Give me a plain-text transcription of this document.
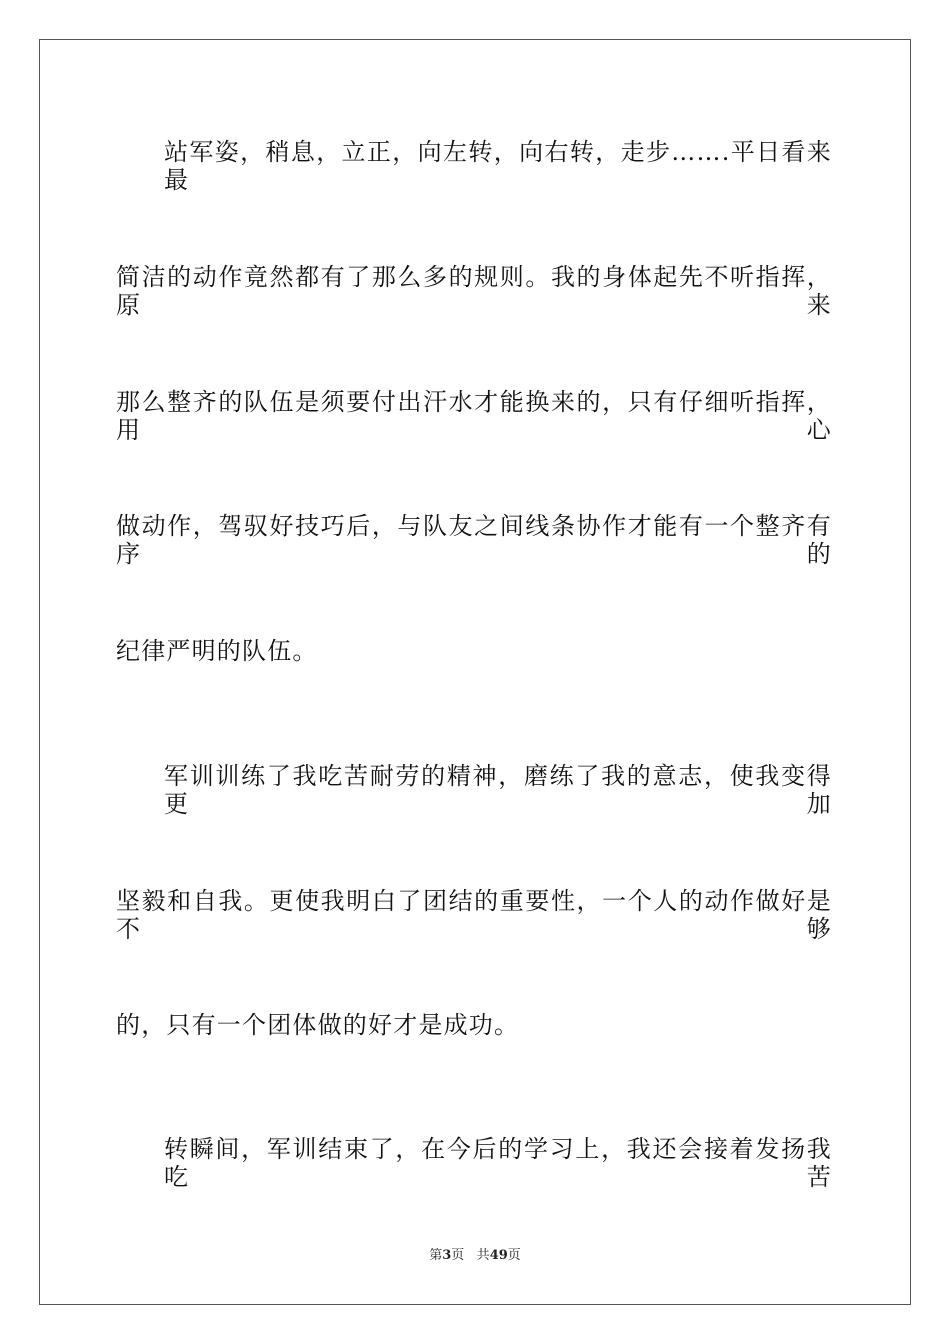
站军姿，稍息，立正，向左转，向右转，走步…….平日看来最
简洁的动作竟然都有了那么多的规则。我的身体起先不听指挥，原来
那么整齐的队伍是须要付出汗水才能换来的，只有仔细听指挥，用心
做动作，驾驭好技巧后，与队友之间线条协作才能有一个整齐有序的
纪律严明的队伍。
军训训练了我吃苦耐劳的精神，磨练了我的意志，使我变得更加
坚毅和自我。更使我明白了团结的重要性，一个人的动作做好是不够
的，只有一个团体做的好才是成功。
转瞬间，军训结束了，在今后的学习上，我还会接着发扬我吃苦
第3页 共49页
